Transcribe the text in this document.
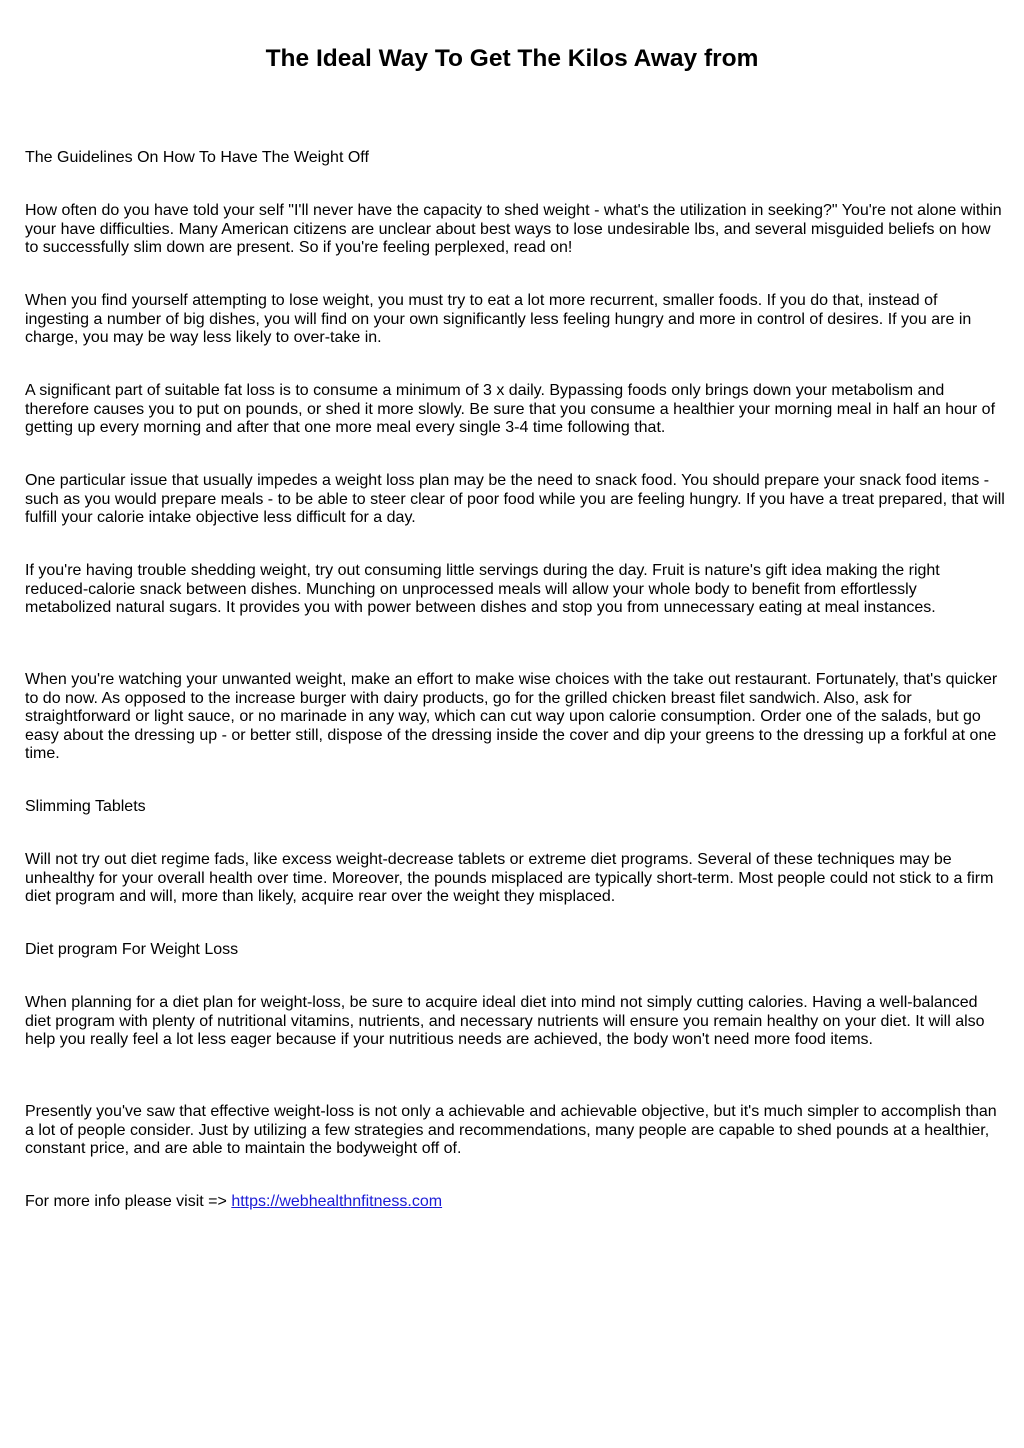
The Ideal Way To Get The Kilos Away from

The Guidelines On How To Have The Weight Off

How often do you have told your self "I'll never have the capacity to shed weight - what's the utilization in seeking?" You're not alone within your have difficulties. Many American citizens are unclear about best ways to lose undesirable lbs, and several misguided beliefs on how to successfully slim down are present. So if you're feeling perplexed, read on!

When you find yourself attempting to lose weight, you must try to eat a lot more recurrent, smaller foods. If you do that, instead of ingesting a number of big dishes, you will find on your own significantly less feeling hungry and more in control of desires. If you are in charge, you may be way less likely to over-take in.

A significant part of suitable fat loss is to consume a minimum of 3 x daily. Bypassing foods only brings down your metabolism and therefore causes you to put on pounds, or shed it more slowly. Be sure that you consume a healthier your morning meal in half an hour of getting up every morning and after that one more meal every single 3-4 time following that.

One particular issue that usually impedes a weight loss plan may be the need to snack food. You should prepare your snack food items - such as you would prepare meals - to be able to steer clear of poor food while you are feeling hungry. If you have a treat prepared, that will fulfill your calorie intake objective less difficult for a day.

If you're having trouble shedding weight, try out consuming little servings during the day. Fruit is nature's gift idea making the right reduced-calorie snack between dishes. Munching on unprocessed meals will allow your whole body to benefit from effortlessly metabolized natural sugars. It provides you with power between dishes and stop you from unnecessary eating at meal instances.

When you're watching your unwanted weight, make an effort to make wise choices with the take out restaurant. Fortunately, that's quicker to do now. As opposed to the increase burger with dairy products, go for the grilled chicken breast filet sandwich. Also, ask for straightforward or light sauce, or no marinade in any way, which can cut way upon calorie consumption. Order one of the salads, but go easy about the dressing up - or better still, dispose of the dressing inside the cover and dip your greens to the dressing up a forkful at one time.

Slimming Tablets

Will not try out diet regime fads, like excess weight-decrease tablets or extreme diet programs. Several of these techniques may be unhealthy for your overall health over time. Moreover, the pounds misplaced are typically short-term. Most people could not stick to a firm diet program and will, more than likely, acquire rear over the weight they misplaced.

Diet program For Weight Loss

When planning for a diet plan for weight-loss, be sure to acquire ideal diet into mind not simply cutting calories. Having a well-balanced diet program with plenty of nutritional vitamins, nutrients, and necessary nutrients will ensure you remain healthy on your diet. It will also help you really feel a lot less eager because if your nutritious needs are achieved, the body won't need more food items.

Presently you've saw that effective weight-loss is not only a achievable and achievable objective, but it's much simpler to accomplish than a lot of people consider. Just by utilizing a few strategies and recommendations, many people are capable to shed pounds at a healthier, constant price, and are able to maintain the bodyweight off of.

For more info please visit => https://webhealthnfitness.com
